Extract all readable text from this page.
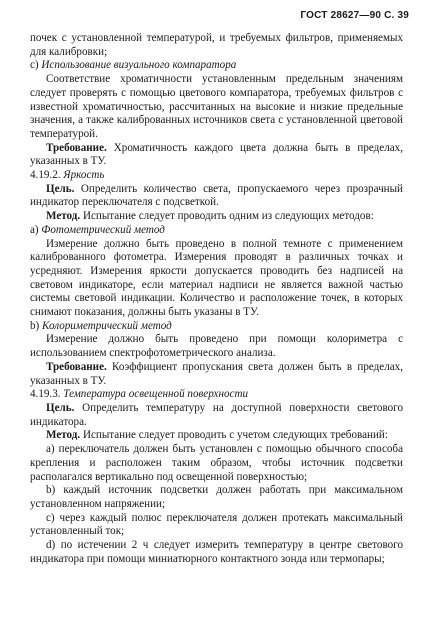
ГОСТ 28627—90 С. 39

почек с установленной температурой, и требуемых фильтров, применяемых для калибровки;

с) Использование визуального компаратора

Соответствие хроматичности установленным предельным значениям следует проверять с помощью цветового компаратора, требуемых фильтров с известной хроматичностью, рассчитанных на высокие и низкие предельные значения, а также калиброванных источников света с установленной цветовой температурой.

Требование. Хроматичность каждого цвета должна быть в пределах, указанных в ТУ.

4.19.2. Яркость

Цель. Определить количество света, пропускаемого через прозрачный индикатор переключателя с подсветкой.

Метод. Испытание следует проводить одним из следующих методов:

а) Фотометрический метод

Измерение должно быть проведено в полной темноте с применением калиброванного фотометра. Измерения проводят в различных точках и усредняют. Измерения яркости допускается проводить без надписей на световом индикаторе, если материал надписи не является важной частью системы световой индикации. Количество и расположение точек, в которых снимают показания, должны быть указаны в ТУ.

b) Колориметрический метод

Измерение должно быть проведено при помощи колориметра с использованием спектрофотометрического анализа.

Требование. Коэффициент пропускания света должен быть в пределах, указанных в ТУ.

4.19.3. Температура освещенной поверхности

Цель. Определить температуру на доступной поверхности светового индикатора.

Метод. Испытание следует проводить с учетом следующих требований:

a) переключатель должен быть установлен с помощью обычного способа крепления и расположен таким образом, чтобы источник подсветки располагался вертикально под освещенной поверхностью;

b) каждый источник подсветки должен работать при максимальном установленном напряжении;

c) через каждый полюс переключателя должен протекать максимальный установленный ток;

d) по истечении 2 ч следует измерить температуру в центре светового индикатора при помощи миниатюрного контактного зонда или термопары;
